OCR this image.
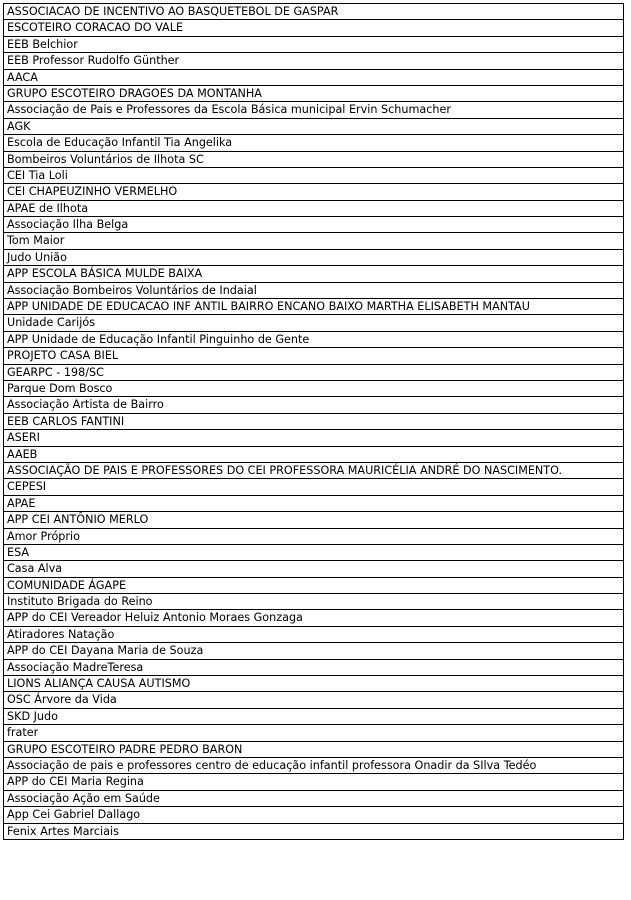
ASSOCIACAO DE INCENTIVO AO BASQUETEBOL DE GASPAR
ESCOTEIRO CORACAO DO VALE
EEB Belchior
EEB Professor Rudolfo Günther
AACA
GRUPO ESCOTEIRO DRAGOES DA MONTANHA
Associação de Pais e Professores da Escola Básica municipal Ervin Schumacher
AGK
Escola de Educação Infantil Tia Angelika
Bombeiros Voluntários de Ilhota SC
CEI Tia Loli
CEI CHAPEUZINHO VERMELHO
APAE de Ilhota
Associação Ilha Belga
Tom Maior
Judo União
APP ESCOLA BÁSICA MULDE BAIXA
Associação Bombeiros Voluntários de Indaial
APP UNIDADE DE EDUCACAO INF ANTIL BAIRRO ENCANO BAIXO MARTHA ELISABETH MANTAU
Unidade Carijós
APP Unidade de Educação Infantil Pinguinho de Gente
PROJETO CASA BIEL
GEARPC - 198/SC
Parque Dom Bosco
Associação Artista de Bairro
EEB CARLOS FANTINI
ASERI
AAEB
ASSOCIAÇÃO DE PAIS E PROFESSORES DO CEI PROFESSORA MAURICÉLIA ANDRÉ DO NASCIMENTO.
CEPESI
APAE
APP CEI ANTÔNIO MERLO
Amor Próprio
ESA
Casa Alva
COMUNIDADE ÁGAPE
Instituto Brigada do Reino
APP do CEI Vereador Heluiz Antonio Moraes Gonzaga
Atiradores Natação
APP do CEI Dayana Maria de Souza
Associação MadreTeresa
LIONS ALIANÇA CAUSA AUTISMO
OSC Árvore da Vida
SKD Judo
frater
GRUPO ESCOTEIRO PADRE PEDRO BARON
Associação de pais e professores centro de educação infantil professora Onadir da SIlva Tedéo
APP do CEI Maria Regina
Associação Ação em Saúde
App Cei Gabriel Dallago
Fenix Artes Marciais
